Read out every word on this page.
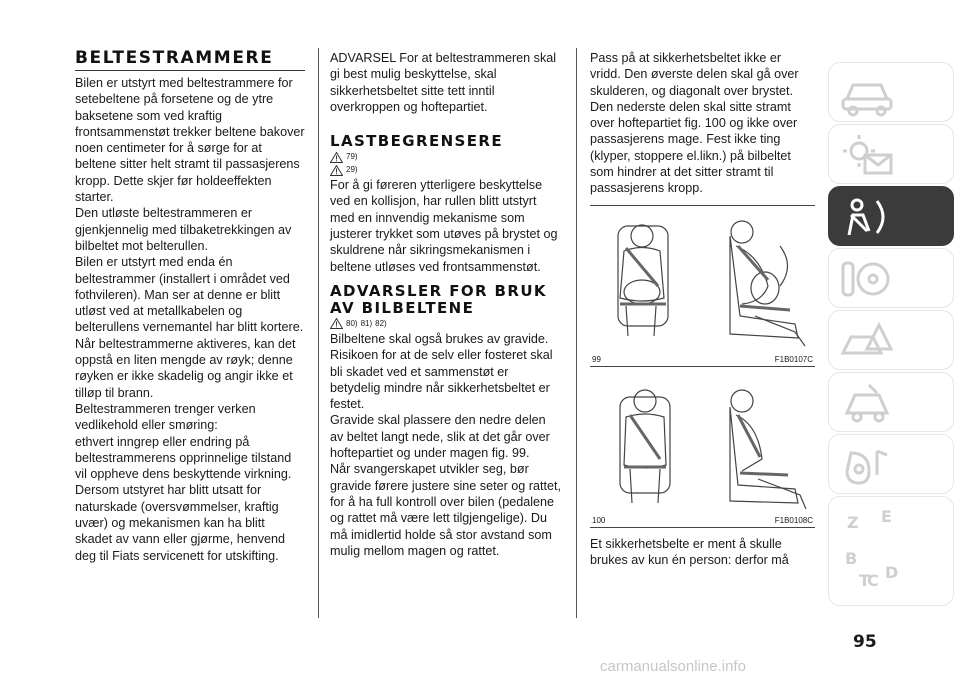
BELTESTRAMMERE

Bilen er utstyrt med beltestrammere for setebeltene på forsetene og de ytre baksetene som ved kraftig frontsammenstøt trekker beltene bakover noen centimeter for å sørge for at beltene sitter helt stramt til passasjerens kropp. Dette skjer før holdeeffekten starter.

Den utløste beltestrammeren er gjenkjennelig med tilbaketrekkingen av bilbeltet mot belterullen.

Bilen er utstyrt med enda én beltestrammer (installert i området ved fothvileren). Man ser at denne er blitt utløst ved at metallkabelen og belterullens vernemantel har blitt kortere.

Når beltestrammerne aktiveres, kan det oppstå en liten mengde av røyk; denne røyken er ikke skadelig og angir ikke et tilløp til brann.

Beltestrammeren trenger verken vedlikehold eller smøring:

ethvert inngrep eller endring på beltestrammerens opprinnelige tilstand vil oppheve dens beskyttende virkning. Dersom utstyret har blitt utsatt for naturskade (oversvømmelser, kraftig uvær) og mekanismen kan ha blitt skadet av vann eller gjørme, henvend deg til Fiats servicenett for utskifting.

ADVARSEL For at beltestrammeren skal gi best mulig beskyttelse, skal sikkerhetsbeltet sitte tett inntil overkroppen og hoftepartiet.

LASTBEGRENSERE
79)
29)

For å gi føreren ytterligere beskyttelse ved en kollisjon, har rullen blitt utstyrt med en innvendig mekanisme som justerer trykket som utøves på brystet og skuldrene når sikringsmekanismen i beltene utløses ved frontsammenstøt.

ADVARSLER FOR BRUK
AV BILBELTENE
80) 81) 82)

Bilbeltene skal også brukes av gravide. Risikoen for at de selv eller fosteret skal bli skadet ved et sammenstøt er betydelig mindre når sikkerhetsbeltet er festet.

Gravide skal plassere den nedre delen av beltet langt nede, slik at det går over hoftepartiet og under magen fig. 99.

Når svangerskapet utvikler seg, bør gravide førere justere sine seter og rattet, for å ha full kontroll over bilen (pedalene og rattet må være lett tilgjengelige). Du må imidlertid holde så stor avstand som mulig mellom magen og rattet.

Pass på at sikkerhetsbeltet ikke er vridd. Den øverste delen skal gå over skulderen, og diagonalt over brystet. Den nederste delen skal sitte stramt over hoftepartiet fig. 100 og ikke over passasjerens mage. Fest ikke ting (klyper, stoppere el.likn.) på bilbeltet som hindrer at det sitter stramt til passasjerens kropp.

99	F1B0107C
100	F1B0108C

Et sikkerhetsbelte er ment å skulle brukes av kun én person: derfor må

Z E
B
C
T D
95
carmanualsonline.info
